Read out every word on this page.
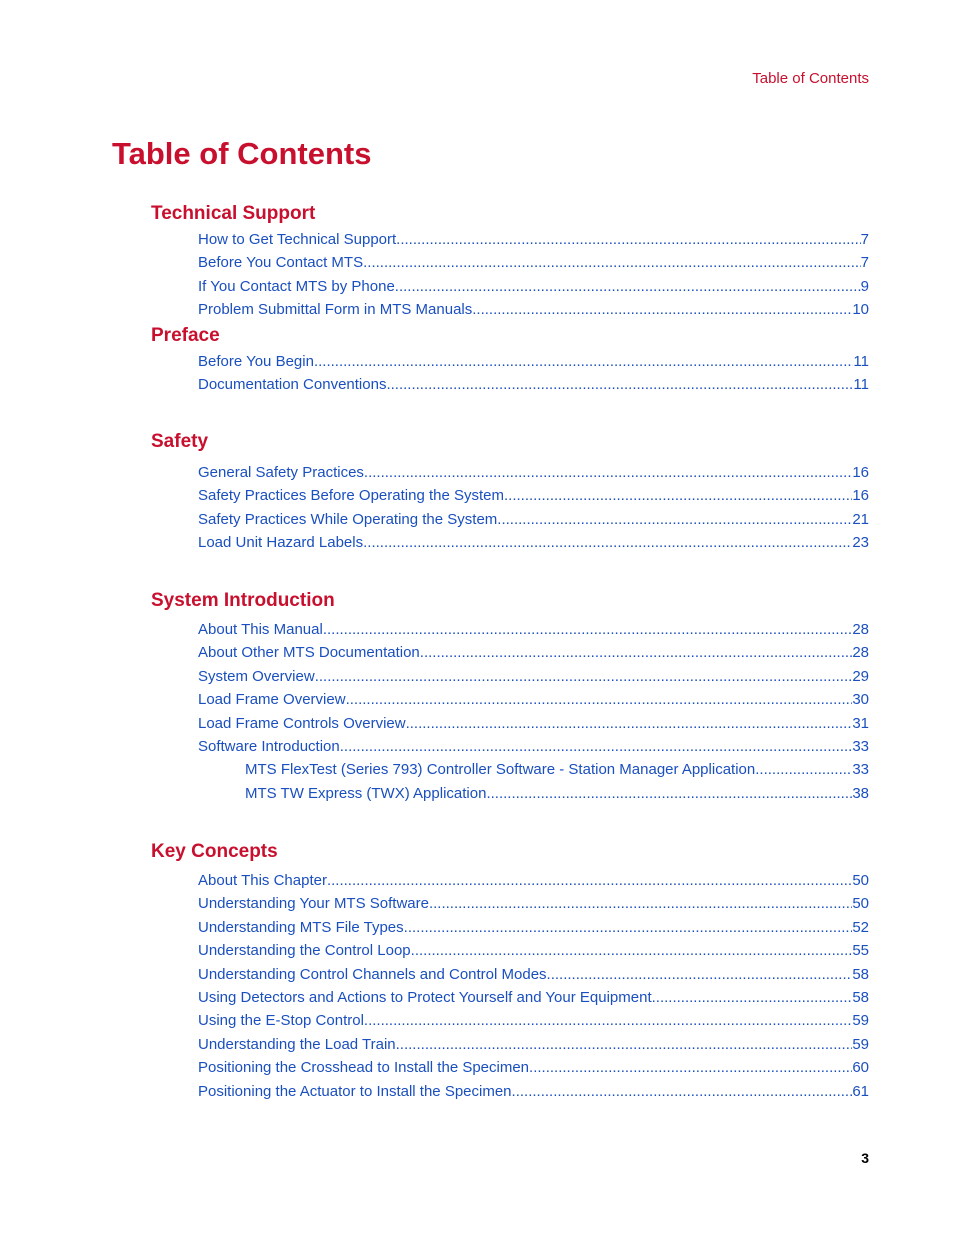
Table of Contents
Table of Contents
Technical Support
How to Get Technical Support .....	7
Before You Contact MTS .....	7
If You Contact MTS by Phone .....	9
Problem Submittal Form in MTS Manuals .....	10
Preface
Before You Begin .....	11
Documentation Conventions .....	11
Safety
General Safety Practices .....	16
Safety Practices Before Operating the System .....	16
Safety Practices While Operating the System .....	21
Load Unit Hazard Labels .....	23
System Introduction
About This Manual .....	28
About Other MTS Documentation .....	28
System Overview .....	29
Load Frame Overview .....	30
Load Frame Controls Overview .....	31
Software Introduction .....	33
MTS FlexTest (Series 793) Controller Software - Station Manager Application .....	33
MTS TW Express (TWX) Application .....	38
Key Concepts
About This Chapter .....	50
Understanding Your MTS Software .....	50
Understanding MTS File Types .....	52
Understanding the Control Loop .....	55
Understanding Control Channels and Control Modes .....	58
Using Detectors and Actions to Protect Yourself and Your Equipment .....	58
Using the E-Stop Control .....	59
Understanding the Load Train .....	59
Positioning the Crosshead to Install the Specimen .....	60
Positioning the Actuator to Install the Specimen .....	61
3
